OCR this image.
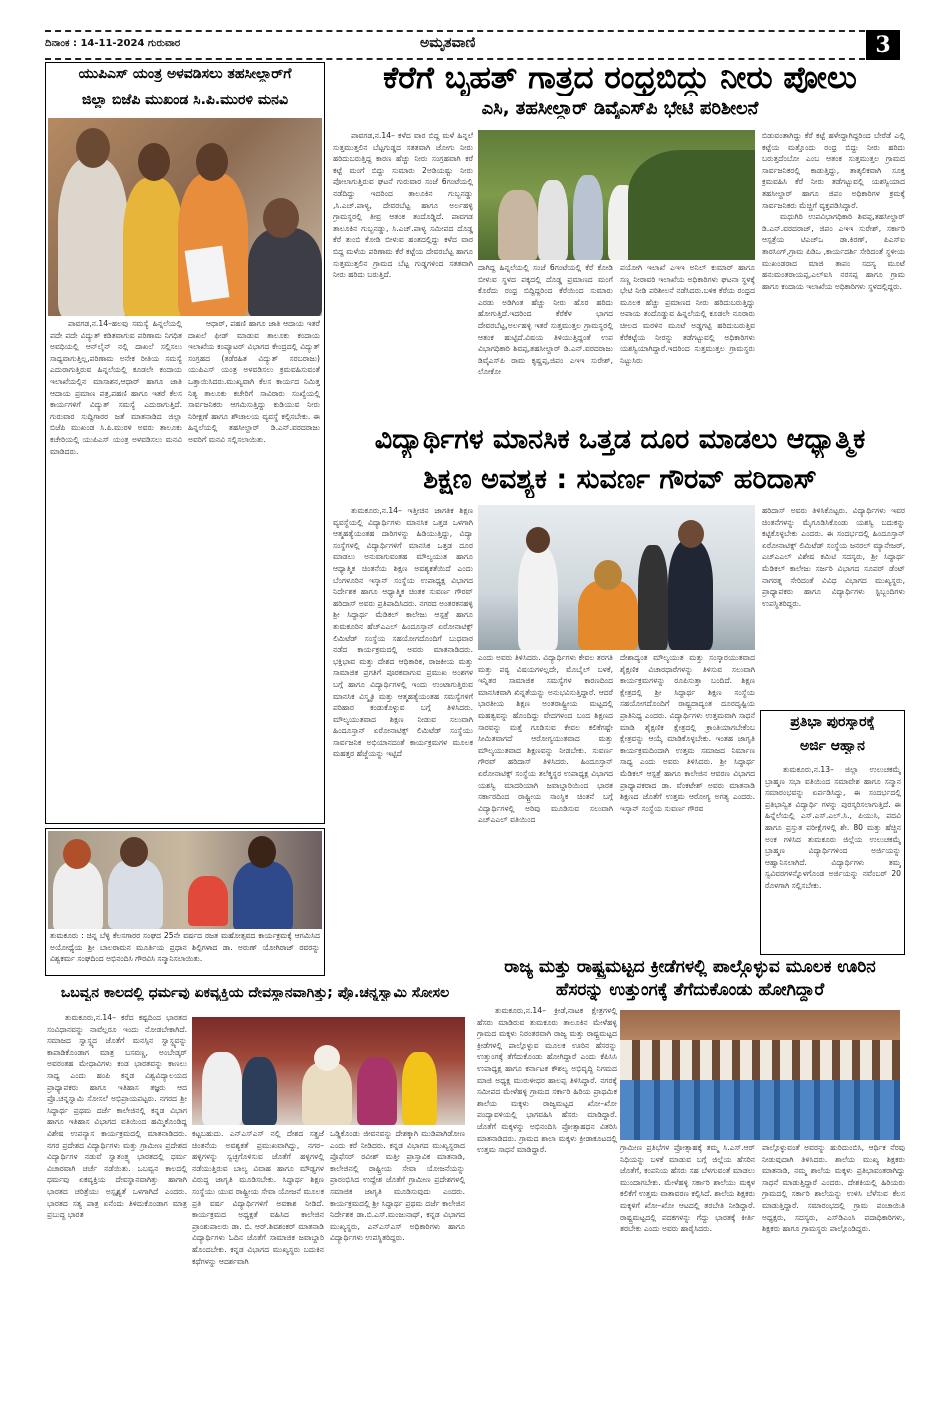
ದಿನಾಂಕ : 14-11-2024 ಗುರುವಾರ	ಅಮೃತವಾಣಿ	3
ಯುಪಿಎಸ್ ಯಂತ್ರ ಅಳವಡಿಸಲು ತಹಸೀಲ್ದಾರ್‌ಗೆ
ಜಿಲ್ಲಾ ಬಿಜೆಪಿ ಮುಖಂಡ ಸಿ.ಪಿ.ಮುರಳಿ ಮನವಿ

ಪಾವಗಡ,ನ.14–ಹಲವು ಸಮಸ್ಯೆ ಹಿನ್ನಲೆಯಲ್ಲಿ ಪದೇ ಪದೇ ವಿದ್ಯುತ್ ಕಡಿತವಾಗುವ ಪರಿಣಾಮ ನಿಗಧಿತ ಅವಧಿಯಲ್ಲಿ ಆನ್‌ಲೈನ್ ನಲ್ಲಿ ದಾಖಲೆ ಸಲ್ಲಿಸಲು ಸಾಧ್ಯವಾಗುತ್ತಿಲ್ಲ,ಪರಿಣಾಮ ಅನೇಕ ರೀತಿಯ ಸಮಸ್ಯೆ ಎದುರಾಗುತ್ತಿರುವ ಹಿನ್ನಲೆಯಲ್ಲಿ ಕೂಡಲೇ ಕಂದಾಯ ಇಲಾಖೆಯಲ್ಲಿನ ಮಾಸಾಶನ,ಆಧಾರ್ ಹಾಗೂ ಜಾತಿ ಆದಾಯ ಪ್ರಮಾಣ ಪತ್ರ,ಪಹಣಿ ಹಾಗೂ ಇತರೆ ಕೆಲಸ ಕಾರ್ಯಗಳಿಗೆ ವಿದ್ಯುತ್ ಸಮಸ್ಯೆ ಎದುರಾಗುತ್ತಿದೆ. ಗುರುವಾರ ಸುದ್ದಿಗಾರರ ಜತೆ ಮಾತನಾಡಿದ ಜಿಲ್ಲಾ ಬಿಜೆಪಿ ಮುಖಂಡ ಸಿ.ಪಿ.ಮುರಳಿ ಅವರು ತಾಲೂಕು ಕಚೇರಿಯಲ್ಲಿ ಯುಪಿಎಸ್ ಯಂತ್ರ ಅಳವಡಿಸಲು ಮನವಿ ಮಾಡಿದರು.

ಆಧಾರ್, ಪಹಣಿ ಹಾಗೂ ಜಾತಿ ಆದಾಯ ಇತರೆ ದಾಖಲೆ ಫೀಡ್ ಮಾಡುವ ತಾಲೂಕು ಕಂದಾಯ ಇಲಾಖೆಯ ಕಂಪ್ಯೂಟರ್ ವಿಭಾಗದ ಕೇಂದ್ರದಲ್ಲಿ ವಿದ್ಯುತ್ ಸಂಗ್ರಹದ (ತಡೆರಹಿತ ವಿದ್ಯುತ್ ಸರಬರಾಜು) ಯುಪಿಎಸ್ ಯಂತ್ರ ಅಳವಡಿಸಲು ಕ್ರಮವಹಿಸುವಂತೆ ಒತ್ತಾಯಿಸಿದರು.ಮುಖ್ಯವಾಗಿ ಕೆಲಸ ಕಾರ್ಯದ ನಿಮಿತ್ತ ನಿತ್ಯ ತಾಲೂಕು ಕಚೇರಿಗೆ ಸಾವಿರಾರು ಸಂಖ್ಯೆಯಲ್ಲಿ ಸಾರ್ವಜನಿಕರು ಆಗಮಿಸುತ್ತಿದ್ದು ಕುಡಿಯುವ ನೀರು ನಿರೀಕ್ಷಣೆ ಹಾಗೂ ಶೌಚಾಲಯ ವ್ಯವಸ್ಥೆ ಕಲ್ಪಿಸಬೇಕು. ಈ ಹಿನ್ನಲೆಯಲ್ಲಿ ತಹಸೀಲ್ದಾರ್ ಡಿ.ಎನ್.ವರದರಾಜು ಅವರಿಗೆ ಮನವಿ ಸಲ್ಲಿಸಲಾಯಿತು.

ತುಮಕೂರು : ಚಿನ್ನ ಬೆಳ್ಳಿ ಕೆಲಸಗಾರರ ಸಂಘದ 25ನೇ ವರ್ಷದ ರಜತ ಮಹೋತ್ಸವದ ಕಾರ್ಯಕ್ರಮಕ್ಕೆ ಆಗಮಿಸಿದ ಅಯೋಧ್ಯೆಯ ಶ್ರೀ ಬಾಲರಾಮನ ಮೂರ್ತಿಯ ಪ್ರಧಾನ ಶಿಲ್ಪಿಗಳಾದ ಡಾ. ಅರುಣ್ ಯೋಗಿರಾಜ್ ರವರನ್ನು ವಿಶ್ವಕರ್ಮ ಸಂಘದಿಂದ ಅಭಿನಂದಿಸಿ ಗೌರವಿಸಿ ಸನ್ಮಾನಿಸಲಾಯಿತು.
ಕೆರೆಗೆ ಬೃಹತ್ ಗಾತ್ರದ ರಂಧ್ರಬಿದ್ದು ನೀರು ಪೋಲು
ಎಸಿ, ತಹಸೀಲ್ದಾರ್ ಡಿವೈಎಸ್‌ಪಿ ಭೇಟಿ ಪರಿಶೀಲನೆ

ಪಾವಗಡ,ನ.14– ಕಳೆದ ವಾರ ಬಿದ್ದ ಮಳೆ ಹಿನ್ನಲೆ ಸುತ್ತಮುತ್ತಲಿನ ಬೆಟ್ಟಗುಡ್ಡದ ಸತತವಾಗಿ ಜೋಗು ನೀರು ಹರಿದುಬರುತ್ತಿದ್ದ ಕಾರಣ ಹೆಚ್ಚು ನೀರು ಸಂಗ್ರಹವಾಗಿ ಕರೆ ಕಟ್ಟೆ ಮಂಗೆ ಬಿದ್ದು ಸುಮಾರು 2ಅಡಿಯಷ್ಟು ನೀರು ಪೋಲಾಗುತ್ತಿರುವ ಘಟನೆ ಗುರುವಾರ ಸಂಜೆ 6ಗಂಟೆಯಲ್ಲಿ ನಡೆದಿದ್ದು ಇದರಿಂದ ತಾಲೂಕಿನ ಗುಬ್ಬನಡ್ಡು ,ಸಿ.ಎಚ್.ಪಾಳ್ಯ, ದೇವರಬೆಟ್ಟ ಹಾಗೂ ಅರ್ಲಹಳ್ಳಿ ಗ್ರಾಮಸ್ಥರಲ್ಲಿ ತೀವ್ರ ಆತಂಕ ತಂದೊಡ್ಡಿದೆ. ಪಾವಗಡ ತಾಲೂಕಿನ ಗುಬ್ಬನಡ್ಡು, ಸಿ.ಎಚ್.ಪಾಳ್ಯ ಸಮೀಪದ ದೊಡ್ಡ ಕೆರೆ ತುಂಬಿ ಕೋಡಿ ಬೀಳುವ ಹಂತದಲ್ಲಿದ್ದು ಕಳೆದ ವಾರ ಬಿದ್ದ ಮಳೆಯ ಪರಿಣಾಮ ಕೆರೆ ಕಟ್ಟೆಯ ದೇವರಬೆಟ್ಟ ಹಾಗೂ ಸುತ್ತಮುತ್ತಲಿನ ಗ್ರಾಮದ ಬೆಟ್ಟ ಗುಡ್ಡಗಳಿಂದ ಸತತವಾಗಿ ನೀರು ಹರಿದು ಬರುತ್ತಿದೆ.

ದಾಗಿದ್ದ ಹಿನ್ನಲೆಯಲ್ಲಿ ಸಂಜೆ 6ಗಂಟೆಯಲ್ಲಿ ಕೆರೆ ಕೋಡಿ ಬೀಳುವ ಸ್ಥಳದ ಪಕ್ಕದಲ್ಲಿ ದೊಡ್ಡ ಪ್ರಮಾಣದ ಮಂಗೆ ಕೊರೆದು ರಂಧ್ರ ಬಿದ್ದಿದ್ದರಿಂದ ಕೆರೆಯಿಂದ ಸುಮಾರು ಎರಡು ಅಡಿಗಿಂತ ಹೆಚ್ಚು ನೀರು ಹೊರ ಹರಿದು ಹೋಗುತ್ತಿದೆ.ಇದರಿಂದ ಕೆರೆಕೆಳ ಭಾಗದ ದೇವರಬೆಟ್ಟ,ಅರ್ಲಹಳ್ಳಿ ಇತರೆ ಸುತ್ತಮುತ್ತಲ ಗ್ರಾಮಸ್ಥರಲ್ಲಿ ಆತಂಕ ಹುಟ್ಟಿದೆ.ವಿಷಯ ತಿಳಿಯುತ್ತಿದ್ದಂತೆ ಉಪ ವಿಭಾಗಧಿಕಾರಿ ಶಿವಪ್ಪ,ತಹಸೀಲ್ದಾರ್ ಡಿ.ಎನ್.ವರದರಾಜು ಡಿವೈಎಸ್‌ಪಿ ರಾಮ ಕೃಷ್ಣಪ್ಪ,ಜಿಪಂ ಎಇಇ ಸುರೇಶ್, ಲೋಕೋ

ಪಯೋಗಿ ಇಲಾಖೆ ಎಇಇ ಅನಿಲ್ ಕುಮಾರ್ ಹಾಗೂ ಸಣ್ಣ ನೀರಾವರಿ ಇಲಾಖೆಯ ಅಧಿಕಾರಿಗಳು ಘಟನಾ ಸ್ಥಳಕ್ಕೆ ಭೇಟಿ ನೀಡಿ ಪರಿಶೀಲನೆ ನಡೆಸಿದರು.ಬಳಿಕ ಕೆರೆಯ ರಂಧ್ರದ ಮೂಲಕ ಹೆಚ್ಚು ಪ್ರಮಾಣದ ನೀರು ಹರಿದುಬರುತ್ತಿದ್ದು ಅಪಾಯ ತಂದೊಡ್ಡುವ ಹಿನ್ನಲೆಯಲ್ಲಿ ಕೂಡಲೇ ನೂರಾರು ಚೀಲದ ಮರಳಿನ ಮೂಟೆ ಅಡ್ಡಗಟ್ಟಿ ಹರಿದುಬರುತ್ತಿವ ಕೆರೆಕಟ್ಟೆಯ ನೀರನ್ನು ತಡೆಗಟ್ಟುವಲ್ಲಿ ಅಧಿಕಾರಿಗಳು ಯಶಸ್ವಿಯಾಗಿದ್ದಾರೆ.ಇದರಿಂದ ಸುತ್ತಮುತ್ತಲ ಗ್ರಾಮಸ್ಥರು ನಿಟ್ಟುಸಿರು

ಬಿಡುವಂತಾಗಿದ್ದು ಕೆರೆ ಕಟ್ಟೆ ಹಳೇದ್ದಾಗಿದ್ದರಿಂದ ಬೇರೆಡೆ ಎಲ್ಲಿ ಕಟ್ಟೆಯ ಮತ್ತೊಂದು ರಂಧ್ರ ಬಿದ್ದು ನೀರು ಹರಿದು ಬರುತ್ತದೆಂಬೋ ಎಂಬ ಆತಂಕ ಸುತ್ತಮುತ್ತಲ ಗ್ರಾಮದ ಸಾರ್ವಜನಿಕರಲ್ಲಿ ಕಾಡುತ್ತಿದ್ದು, ತಾತ್ಕಲಿಕವಾಗಿ ಸೂಕ್ತ ಕ್ರಮವಹಿಸಿ ಕೆರೆ ನೀರು ತಡೆಗಟ್ಟುವಲ್ಲಿ ಯಶಸ್ವಿಯಾದ ತಹಸೀಲ್ದಾರ್ ಹಾಗೂ ಜಿಪಂ ಅಧಿಕಾರಿಗಳ ಕ್ರಮಕ್ಕೆ ಸಾರ್ವಜನಿಕರು ಮೆಚ್ಚಿಗೆ ವ್ಯಕ್ತಪಡಿಸಿದ್ದಾರೆ.

ಮಧುಗಿರಿ ಉಪವಿಭಾಗಧಿಕಾರಿ ಶಿವಪ್ಪ,ತಹಸೀಲ್ದಾರ್ ಡಿ.ಎನ್.ವರದರಾಜ್, ಜಿಪಂ ಎಇಇ ಸುರೇಶ್, ಸರ್ಕಾರಿ ಆಸ್ಪತ್ರೆಯ ಟಿಎಚ್‌ಒ ಡಾ.ಕಿರಣ್, ಪಿಎಸ್‌ಐ ತಾರಸಿಂಗ್,ಗ್ರಾಮ ಪಿಡಿಒ ,ಕಾರ್ಯದರ್ಶಿ ಸೇರಿದಂತೆ ಸ್ಥಳೀಯ ಮುಖಂಡರಾದ ಮಾಜಿ ತಾಪಂ ಸದಸ್ಯ ಮೂಟೆ ಹನುಮಂತರಾಯಪ್ಪ,ಎಲ್‌ಐಸಿ ನರಸಪ್ಪ ಹಾಗೂ ಗ್ರಾಮ ಹಾಗೂ ಕಂದಾಯ ಇಲಾಖೆಯ ಅಧಿಕಾರಿಗಳು ಸ್ಥಳದಲ್ಲಿದ್ದರು.

ವಿದ್ಯಾರ್ಥಿಗಳ ಮಾನಸಿಕ ಒತ್ತಡ ದೂರ ಮಾಡಲು ಆಧ್ಯಾತ್ಮಿಕ
ಶಿಕ್ಷಣ ಅವಶ್ಯಕ : ಸುವರ್ಣ ಗೌರವ್ ಹರಿದಾಸ್

ತುಮಕೂರು,ನ.14– ಇತ್ತೀಚಿನ ಜಾಗತಿಕ ಶಿಕ್ಷಣ ವ್ಯವಸ್ಥೆಯಲ್ಲಿ ವಿದ್ಯಾರ್ಥಿಗಳು ಮಾನಸಿಕ ಒತ್ತಡ ಒಳಗಾಗಿ ಆತ್ಮಹತ್ಯೆಯಂತಹ ದಾರಿಗಳನ್ನು ಹಿಡಿಯುತ್ತಿದ್ದು, ವಿದ್ಯಾ ಸಂಸ್ಥೆಗಳಲ್ಲಿ ವಿದ್ಯಾರ್ಥಿಗಳಿಗೆ ಮಾನಸಿಕ ಒತ್ತಡ ದೂರ ಮಾಡಲು ಅನುವಾಗುವಂತಹ ಮೌಲ್ಯಯುತ ಹಾಗೂ ಆಧ್ಯಾತ್ಮಿಕ ಚಿಂತನೆಯ ಶಿಕ್ಷಣ ಅವಶ್ಯಕತೆಯಿದೆ ಎಂದು ಬೆಂಗಳೂರಿನ ಇಸ್ಕಾನ್ ಸಂಸ್ಥೆಯ ಉಪಾಧ್ಯಕ್ಷ ವಿಭಾಗದ ನಿರ್ದೇಶಕ ಹಾಗೂ ಆಧ್ಯಾತ್ಮಿಕ ಚಿಂತಕ ಸುವರ್ಣ ಗೌರವ್ ಹರಿದಾಸ್ ಅವರು ಪ್ರತಿಪಾದಿಸಿದರು. ನಗರದ ಅಂತರಕನಹಳ್ಳಿ ಶ್ರೀ ಸಿದ್ಧಾರ್ಥ ಮೆಡಿಕಲ್ ಕಾಲೇಜು ಆಸ್ಪತ್ರೆ ಹಾಗೂ ತುಮಕೂರಿನ ಹೆಚ್‌ಎಎಲ್ ಹಿಂದೂಸ್ತಾನ್ ಏರೋನಾಟಿಕ್ಸ್ ಲಿಮಿಟೆಡ್ ಸಂಸ್ಥೆಯ ಸಹಯೋಗದೊಂದಿಗೆ ಬುಧವಾರ ನಡೆದ ಕಾರ್ಯಕ್ರಮದಲ್ಲಿ ಅವರು ಮಾತನಾಡಿದರು. ಭಕ್ತಿಭಾವ ಮತ್ತು ದೇಶದ ಆಧಿಕಾರಿಕ, ರಾಜಕೀಯ ಮತ್ತು ಸಾಮಾಜಿಕ ಪ್ರಗತಿಗೆ ಪೂರಕವಾಗುವ ಪ್ರಮುಖ ಅಂಶಗಳ ಬಗ್ಗೆ ಹಾಗೂ ವಿದ್ಯಾರ್ಥಿಗಳಲ್ಲಿ ಇಂದು ಉಂಟಾಗುತ್ತಿರುವ ಮಾನಸಿಕ ವಿಸ್ಮೃತಿ ಮತ್ತು ಆತ್ಮಹತ್ಯೆಯಂತಹ ಸಮಸ್ಯೆಗಳಿಗೆ ಪರಿಹಾರ ಕಂಡುಕೊಳ್ಳುವ ಬಗ್ಗೆ ತಿಳಿಸಿದರು. ಮೌಲ್ಯಯುತವಾದ ಶಿಕ್ಷಣ ನೀಡುವ ಸಲುವಾಗಿ ಹಿಂದೂಸ್ತಾನ್ ಏರೋನಾಟಿಕ್ಸ್ ಲಿಮಿಟೆಡ್ ಸಂಸ್ಥೆಯು ಸಾರ್ವಜನಿಕ ಅಭಿಯಾನದಂತೆ ಕಾರ್ಯಕ್ರಮಗಳ ಮೂಲಕ ಮಹತ್ತರ ಹೆಜ್ಜೆಯನ್ನು ಇಟ್ಟಿದೆ

ಎಂದು ಅವರು ತಿಳಿಸಿದರು. ವಿದ್ಯಾರ್ಥಿಗಳು ಕೇವಲ ತರಗತಿ ಮತ್ತು ಪಠ್ಯ ವಿಷಯಗಳಲ್ಲದೇ, ಮೊಬೈಲ್ ಬಳಕೆ, ಇನ್ನಿತರ ಸಾಮಾಜಿಕ ಸಮಸ್ಯೆಗಳ ಕಾರಣದಿಂದ ಮಾನಸಿಕವಾಗಿ ಖಿನ್ನತೆಯನ್ನು ಅನುಭವಿಸುತ್ತಿದ್ದಾರೆ. ಆದರೆ ಭಾರತೀಯ ಶಿಕ್ಷಣ ಅಂತರಾಷ್ಟ್ರೀಯ ಮಟ್ಟದಲ್ಲಿ ಮಹತ್ವವನ್ನು ಹೊಂದಿದ್ದು ವೇದಗಳಂದ ಬಂದ ಶಿಕ್ಷಣದ ಸಾರವನ್ನು ಮತ್ತೆ ಗೂಡಿಸುವ ಕೇವಲ ಕಲಿಕೆಗಷ್ಟೇ ಸೀಮಿತವಾಗದೆ ಆರೋಗ್ಯಯುತವಾದ ಮತ್ತು ಮೌಲ್ಯಯುತವಾದ ಶಿಕ್ಷಣವನ್ನು ನೀಡಬೇಕು. ಸುವರ್ಣ ಗೌರವ್ ಹರಿದಾಸ್ ತಿಳಿಸಿದರು. ಹಿಂದೂಸ್ತಾನ್ ಏರೋನಾಟಿಕ್ಸ್ ಸಂಸ್ಥೆಯ ತಲೆಕ್ಮಸ್ಥರ ಉಪಾಧ್ಯಕ್ಷ ವಿಭಾಗದ ಯಶಸ್ವಿ ಮಾದರಿಯಾಗಿ ಜವಾಬ್ದಾರಿಯಿಂದ ಭಾರತ ಸರ್ಕಾರದಿಂದ ರಾಷ್ಟ್ರೀಯ ಸಾಂಸ್ಥಿಕ ಚಿಂತನೆ ಬಗ್ಗೆ ವಿದ್ಯಾರ್ಥಿಗಳಲ್ಲಿ ಅರಿವು ಮೂಡಿಸುವ ಸಲುವಾಗಿ ಎಚ್‌ಎಎಲ್ ವತಿಯಿಂದ

ದೇಶಾದ್ಯಂತ ಮೌಲ್ಯಯುತ ಮತ್ತು ಸಂಸ್ಕಾರಯುತವಾದ ಶೈಕ್ಷಣಿಕ ವಿಚಾರಧಾರೆಗಳನ್ನು ತಿಳಿಸುವ ಸಲುವಾಗಿ ಕಾರ್ಯಕ್ರಮಗಳನ್ನು ರೂಪಿಸುತ್ತಾ ಬಂದಿದೆ. ಶಿಕ್ಷಣ ಕ್ಷೇತ್ರದಲ್ಲಿ ಶ್ರೀ ಸಿದ್ಧಾರ್ಥ ಶಿಕ್ಷಣ ಸಂಸ್ಥೆಯ ಸಹಯೋಗದೊಂದಿಗೆ ರಾಷ್ಟ್ರದಾದ್ಯಂತ ದೂರದೃಷ್ಟಿಯ ಪ್ರಾತಿನಿಧ್ಯ ಎಂದರು. ವಿದ್ಯಾರ್ಥಿಗಳು ಉತ್ತಮವಾಗಿ ಸಾಧನೆ ಮಾಡಿ ಶೈಕ್ಷಣಿಕ ಕ್ಷೇತ್ರದಲ್ಲಿ ಕ್ರಾಂತಿಯಾಗಬೇಕೆಂಬ ಕ್ಷೇತ್ರವನ್ನು ಆಯ್ಕೆ ಮಾಡಿಕೊಳ್ಳಬೇಕು. ಇಂತಹ ಜಾಗೃತಿ ಕಾರ್ಯಕ್ರಮದಿಂದಾಗಿ ಉತ್ತಮ ಸಮಾಜದ ನಿರ್ಮಾಣ ಸಾಧ್ಯ ಎಂದು ಅವರು ತಿಳಿಸಿದರು. ಶ್ರೀ ಸಿದ್ಧಾರ್ಥ ಮೆಡಿಕಲ್ ಆಸ್ಪತ್ರೆ ಹಾಗೂ ಕಾಲೇಜಿನ ಆವರಣ ವಿಭಾಗದ ಪ್ರಾಧ್ಯಾಪಕರಾದ ಡಾ. ವೆಂಕಟೇಶ್ ಅವರು ಮಾತನಾಡಿ ಶಿಕ್ಷಣದ ಜೊತೆಗೆ ಉತ್ತಮ ಆರೋಗ್ಯ ಅಗತ್ಯ ಎಂದರು. ಇಸ್ಕಾನ್ ಸಂಸ್ಥೆಯ ಸುವರ್ಣ ಗೌರವ

ಹರಿದಾಸ್ ಅವರು ತಿಳಿಸಿಕೊಟ್ಟರು. ವಿದ್ಯಾರ್ಥಿಗಳು ಇವರ ಚಿಂತನೆಗಳನ್ನು ಮೈಗೂಡಿಸಿಕೊಂಡು ಯಶಸ್ವಿ ಬದುಕನ್ನು ಕಟ್ಟಿಕೊಳ್ಳಬೇಕು ಎಂದರು. ಈ ಸಂದರ್ಭದಲ್ಲಿ ಹಿಂದೂಸ್ತಾನ್ ಏರೋನಾಟಿಕ್ಸ್ ಲಿಮಿಟೆಡ್ ಸಂಸ್ಥೆಯ ಜನರಲ್ ಮ್ಯಾನೇಜರ್, ಎಚ್‌ಎಎಲ್ ವಿಶೇಷ ಕಮಿಟಿ ಸದಸ್ಯರು, ಶ್ರೀ ಸಿದ್ಧಾರ್ಥ ಮೆಡಿಕಲ್ ಕಾಲೇಜು ಸರ್ಜರಿ ವಿಭಾಗದ ಸೂಪರ್ ಡೆಂಟ್ ನಾಗರತ್ನ ಸೇರಿದಂತೆ ವಿವಿಧ ವಿಭಾಗದ ಮುಖ್ಯಸ್ಥರು, ಪ್ರಾಧ್ಯಾಪಕರು ಹಾಗೂ ವಿದ್ಯಾರ್ಥಿಗಳು ಸ್ಟಿಬ್ಬಂದಿಗಳು ಉಪಸ್ಥಿತರಿದ್ದರು.

ಪ್ರತಿಭಾ ಪುರಸ್ಕಾರಕ್ಕೆ
ಅರ್ಜಿ ಆಹ್ವಾನ

ತುಮಕೂರು,ನ.13– ಜಿಲ್ಲಾ ಉಲುಚಕಮ್ಮೆ ಬ್ರಾಹ್ಮಣ ಸಭಾ ವತಿಯಿಂದ ಸಮಾವೇಶ ಹಾಗೂ ಸನ್ಮಾನ ಸಮಾರಂಭವನ್ನು ಏರ್ಪಡಿಸಿದ್ದು, ಈ ಸಂದರ್ಭದಲ್ಲಿ ಪ್ರತಿಭಾನ್ವಿತ ವಿದ್ಯಾರ್ಥಿ ಗಳನ್ನು ಪುರಸ್ಕರಿಸಲಾಗುತ್ತಿದೆ. ಈ ಹಿನ್ನೆಲೆಯಲ್ಲಿ ಎಸ್.ಎಸ್.ಎಲ್.ಸಿ., ಪಿಯುಸಿ, ಪದವಿ ಹಾಗೂ ಪ್ರಸ್ತುತ ಪರೀಕ್ಷೆಗಳಲ್ಲಿ ಶೇ. 80 ಮತ್ತು ಹೆಚ್ಚಿನ ಅಂಕ ಗಳಿಸಿದ ತುಮಕೂರು ಜಿಲ್ಲೆಯ ಉಲುಚಕಮ್ಮೆ ಬ್ರಾಹ್ಮಣ ವಿದ್ಯಾರ್ಥಿಗಳಿಂದ ಅರ್ಜಿಯನ್ನು ಆಹ್ವಾನಿಸಲಾಗಿದೆ. ವಿದ್ಯಾರ್ಥಿಗಳು ತಮ್ಮ ಸ್ವವಿವರಗಳನ್ನೊಳಗೊಂಡ ಅರ್ಜಿಯನ್ನು ನವೆಂಬರ್ 20 ರೊಳಗಾಗಿ ಸಲ್ಲಿಸಬೇಕು.

ಒಬವ್ವನ ಕಾಲದಲ್ಲಿ ಧರ್ಮವು ಏಕವ್ಯಕ್ತಿಯ ದೇವಸ್ಥಾನವಾಗಿತ್ತು; ಪ್ರೊ.ಚನ್ನಸ್ವಾಮಿ ಸೋಸಲ

ತುಮಕೂರು,ನ.14– ಕರೆದ ಕಷ್ಟದಿಂದ ಭಾರತದ ಸಂವಿಧಾನವನ್ನು ನಾವೆಲ್ಲರೂ ಇಂದು ನೋಡಬೇಕಾಗಿದೆ. ಸಮಾಜದ ಸ್ವಾಸ್ಥ್ಯದ ಜೊತೆಗೆ ಮನಸ್ಸಿನ ಸ್ವಾಸ್ಥ್ಯವನ್ನು ಕಾಪಾಡಿಕೊಂಡಾಗ ಮಾತ್ರ ಬಸವಣ್ಣ, ಅಂಬೇಡ್ಕರ್ ಅವರಂತಹ ಮೇಧಾವಿಗಳು ಕಂಡ ಭಾರತವನ್ನು ಕಾಣಲು ಸಾಧ್ಯ ಎಂದು ಹಂಪಿ ಕನ್ನಡ ವಿಶ್ವವಿದ್ಯಾಲಯದ ಪ್ರಾಧ್ಯಾಪಕರು ಹಾಗೂ ಇತಿಹಾಸ ತಜ್ಞರು ಆದ ಪ್ರೊ.ಚನ್ನಸ್ವಾಮಿ ಸೋಸಲೆ ಅಭಿಪ್ರಾಯಪಟ್ಟರು. ನಗರದ ಶ್ರೀ ಸಿದ್ಧಾರ್ಥ ಪ್ರಥಮ ದರ್ಜೆ ಕಾಲೇಜಿನಲ್ಲಿ ಕನ್ನಡ ವಿಭಾಗ ಹಾಗೂ ಇತಿಹಾಸ ವಿಭಾಗದ ವತಿಯಿಂದ ಹಮ್ಮಿಕೊಂಡಿದ್ದ ವಿಶೇಷ ಉಪನ್ಯಾಸ ಕಾರ್ಯಕ್ರಮದಲ್ಲಿ ಮಾತನಾಡಿದರು. ನಗರ ಪ್ರದೇಶದ ವಿದ್ಯಾರ್ಥಿಗಳು ಮತ್ತು ಗ್ರಾಮೀಣ ಪ್ರದೇಶದ ವಿದ್ಯಾರ್ಥಿಗಳ ನಡುವೆ ಸ್ವಾತಂತ್ರ್ಯ ಭಾರತದಲ್ಲಿ ಧರ್ಮ ವಿಚಾರವಾಗಿ ಚರ್ಚೆ ನಡೆಯಿತು. ಒಬವ್ವನ ಕಾಲದಲ್ಲಿ ಧರ್ಮವು ಏಕವ್ಯಕ್ತಿಯ ದೇವಸ್ಥಾನವಾಗಿತ್ತು ಹಾಗಾಗಿ ಭಾರತದ ಚರಿತ್ರೆಯು ಅಸ್ಪೃಶ್ಯತೆ ಒಳಗಾಗಿದೆ ಎಂದರು. ಭಾರತದ ಸತ್ಯ ಪಾತ್ರ ಏನೆಂದು ತಿಳಿದುಕೊಂಡಾಗ ಮಾತ್ರ ಪ್ರಬುದ್ಧ ಭಾರತ

ಕಟ್ಟಬಹುದು. ಎನ್‌ಎಸ್‌ಎಸ್ ನಲ್ಲಿ ದೇಶದ ಸತ್ಪ್ರಜೆ ಚಿಂತನೆಯ ಅವಶ್ಯಕತೆ ಪ್ರಮುಖವಾಗಿದ್ದು, ನಗರ–ಹಳ್ಳಿಗಳನ್ನು ಸ್ವಚ್ಛಗೊಳಿಸುವ ಜೊತೆಗೆ ಹಳ್ಳಿಗಳಲ್ಲಿ ನಡೆಯುತ್ತಿರುವ ಬಾಲ್ಯ ವಿವಾಹ ಹಾಗೂ ಮೌಢ್ಯಗಳ ವಿರುದ್ಧ ಜಾಗೃತಿ ಮೂಡಿಸಬೇಕು. ಸಿದ್ಧಾರ್ಥ ಶಿಕ್ಷಣ ಸಂಸ್ಥೆಯು ಯುವ ರಾಷ್ಟ್ರೀಯ ಸೇವಾ ಯೋಜನೆ ಮೂಲಕ ಪ್ರತಿ ವರ್ಷ ವಿದ್ಯಾರ್ಥಿಗಳಿಗೆ ಅವಕಾಶ ನೀಡಿದೆ. ಕಾರ್ಯಕ್ರಮದ ಅಧ್ಯಕ್ಷತೆ ವಹಿಸಿದ ಕಾಲೇಜಿನ ಪ್ರಾಂಶುಪಾಲರು ಡಾ. ಬಿ. ಆರ್.ಶಿವಶಂಕರ್ ಮಾತನಾಡಿ ವಿದ್ಯಾರ್ಥಿಗಳು ಓದಿನ ಜೊತೆಗೆ ಸಾಮಾಜಿಕ ಜವಾಬ್ದಾರಿ ಹೊಂದಬೇಕು. ಕನ್ನಡ ವಿಭಾಗದ ಮುಖ್ಯಸ್ಥರು ಬದುಕಿನ ಕಥೆಗಳನ್ನು ಆದರ್ಶವಾಗಿ

ಒಡ್ಡಿಕೊಂಡು ಜೀವನವನ್ನು ದೇಶಕ್ಕಾಗಿ ಮುಡಿಪಾಗಿಡೋಣ ಎಂದು ಕರೆ ನೀಡಿದರು. ಕನ್ನಡ ವಿಭಾಗದ ಮುಖ್ಯಸ್ಥರಾದ ಪ್ರೊಫೆಸರ್ ರವೀಶ್ ಮತ್ತೀ ಪ್ರಾಸ್ತಾವಿಕ ಮಾತನಾಡಿ, ಕಾಲೇಜಿನಲ್ಲಿ ರಾಷ್ಟ್ರೀಯ ಸೇವಾ ಯೋಜನೆಯನ್ನು ಪ್ರಾರಂಭಿಸಿದ ಉದ್ದೇಶ ಜೊತೆಗೆ ಗ್ರಾಮೀಣ ಪ್ರದೇಶಗಳಲ್ಲಿ ಸಮಾಜಿಕ ಜಾಗೃತಿ ಮೂಡಿಸುವುದು ಎಂದರು. ಕಾರ್ಯಕ್ರಮದಲ್ಲಿ ಶ್ರೀ ಸಿದ್ಧಾರ್ಥ ಪ್ರಥಮ ದರ್ಜೆ ಕಾಲೇಜಿನ ನಿರ್ದೇಶಕ ಡಾ.ಬಿ.ಎಸ್.ಮಂಜುನಾಥ್, ಕನ್ನಡ ವಿಭಾಗದ ಮುಖ್ಯಸ್ಥರು, ಎನ್‌ಎಸ್‌ಎಸ್ ಅಧಿಕಾರಿಗಳು ಹಾಗೂ ವಿದ್ಯಾರ್ಥಿಗಳು ಉಪಸ್ಥಿತರಿದ್ದರು.

ರಾಜ್ಯ ಮತ್ತು ರಾಷ್ಟ್ರಮಟ್ಟದ ಕ್ರೀಡೆಗಳಲ್ಲಿ ಪಾಲ್ಗೊಳ್ಳುವ ಮೂಲಕ ಊರಿನ
ಹೆಸರನ್ನು ಉತ್ತುಂಗಕ್ಕೆ ತೆಗೆದುಕೊಂಡು ಹೋಗಿದ್ದಾರೆ

ತುಮಕೂರು,ನ.14– ಕ್ರೀಡೆ,ನಾಟಕ ಕ್ಷೇತ್ರಗಳಲ್ಲಿ ಹೆಸರು ಮಾಡಿರುವ ತುಮಕೂರು ತಾಲೂಕಿನ ಮೇಳೆಹಳ್ಳಿ ಗ್ರಾಮದ ಮಕ್ಕಳು ನಿರಂತರವಾಗಿ ರಾಜ್ಯ ಮತ್ತು ರಾಷ್ಟ್ರಮಟ್ಟದ ಕ್ರೀಡೆಗಳಲ್ಲಿ ಪಾಲ್ಗೊಳ್ಳುವ ಮೂಲಕ ಊರಿನ ಹೆಸರನ್ನು ಉತ್ತುಂಗಕ್ಕೆ ತೆಗೆದುಕೊಂಡು ಹೋಗಿದ್ದಾರೆ ಎಂದು ಕೆಪಿಸಿಸಿ ಉಪಾಧ್ಯಕ್ಷ ಹಾಗೂ ಕರ್ನಾಟಕ ಕೌಶಲ್ಯ ಅಭಿವೃದ್ಧಿ ನಿಗಮದ ಮಾಜಿ ಅಧ್ಯಕ್ಷ ಮುರುಳೀಧರ ಹಾಲಪ್ಪ ತಿಳಿಸಿದ್ದಾರೆ. ನಗರಕ್ಕೆ ಸಮೀಪದ ಮೇಳೆಹಳ್ಳಿ ಗ್ರಾಮದ ಸರ್ಕಾರಿ ಹಿರಿಯ ಪ್ರಾಥಮಿಕ ಶಾಲೆಯ ಮಕ್ಕಳು ರಾಜ್ಯಮಟ್ಟದ ಖೋ–ಖೋ ಪಂದ್ಯಾವಳಿಯಲ್ಲಿ ಭಾಗವಹಿಸಿ ಹೆಸರು ಮಾಡಿದ್ದಾರೆ. ಜೊತೆಗೆ ಮಕ್ಕಳನ್ನು ಅಭಿನಂದಿಸಿ ಪ್ರೋತ್ಸಾಹಧನ ವಿತರಿಸಿ ಮಾತನಾಡಿದರು. ಗ್ರಾಮದ ಶಾಲಾ ಮಕ್ಕಳು ಕ್ರೀಡಾಕೂಟದಲ್ಲಿ ಉತ್ತಮ ಸಾಧನೆ ಮಾಡಿದ್ದಾರೆ.	ಗ್ರಾಮೀಣ ಪ್ರತಿಭೆಗಳ ಪ್ರೋತ್ಸಾಹಕ್ಕೆ ತಮ್ಮ ಸಿ.ಎಸ್.ಆರ್ ನಿಧಿಯನ್ನು ಬಳಕೆ ಮಾಡುವ ಬಗ್ಗೆ ಜಿಲ್ಲೆಯ ಹೆಸರಿನ ಜೊತೆಗೆ, ಕಂಪನಿಯ ಹೆಸರು ಸಹ ಬೆಳಗುವಂತೆ ಮಾಡಲು ಮುಂದಾಗಬೇಕು. ಮೇಳೆಹಳ್ಳಿ ಸರ್ಕಾರಿ ಶಾಲೆಯು ಮಕ್ಕಳ ಕಲಿಕೆಗೆ ಉತ್ತಮ ವಾತಾವರಣ ಕಲ್ಪಿಸಿದೆ. ಶಾಲೆಯ ಶಿಕ್ಷಕರು ಮಕ್ಕಳಿಗೆ ಖೋ–ಖೋ ಆಟದಲ್ಲಿ ತರಬೇತಿ ನೀಡಿದ್ದಾರೆ. ರಾಷ್ಟ್ರಮಟ್ಟದಲ್ಲಿ ಪದಕಗಳನ್ನು ಗೆದ್ದು ಭಾರತಕ್ಕೆ ಕೀರ್ತಿ ತರಬೇಕು ಎಂದು ಅವರು ಹಾರೈಸಿದರು.

ಪಾಲ್ಗೊಳ್ಳುವಂತೆ ಅವರನ್ನು ಹುರಿದುಂಬಿಸಿ, ಆರ್ಥಿಕ ನೆರವು ನೀಡುವುದಾಗಿ ತಿಳಿಸಿದರು. ಶಾಲೆಯ ಮುಖ್ಯ ಶಿಕ್ಷಕರು ಮಾತನಾಡಿ, ನಮ್ಮ ಶಾಲೆಯ ಮಕ್ಕಳು ಪ್ರತಿಭಾವಂತರಾಗಿದ್ದು ಸಾಧನೆ ಮಾಡುತ್ತಿದ್ದಾರೆ ಎಂದರು. ದೇಶಕಿಯಲ್ಲಿ ಹಿರಿಯರು ಗ್ರಾಮದಲ್ಲಿ ಸರ್ಕಾರಿ ಶಾಲೆಯನ್ನು ಉಳಿಸಿ ಬೆಳೆಸುವ ಕೆಲಸ ಮಾಡುತ್ತಿದ್ದಾರೆ. ಸಮಾರಂಭದಲ್ಲಿ ಗ್ರಾಮ ಪಂಚಾಯಿತಿ ಅಧ್ಯಕ್ಷರು, ಸದಸ್ಯರು, ಎಸ್‌ಡಿಎಂಸಿ ಪದಾಧಿಕಾರಿಗಳು, ಶಿಕ್ಷಕರು ಹಾಗೂ ಗ್ರಾಮಸ್ಥರು ಪಾಲ್ಗೊಂಡಿದ್ದರು.
